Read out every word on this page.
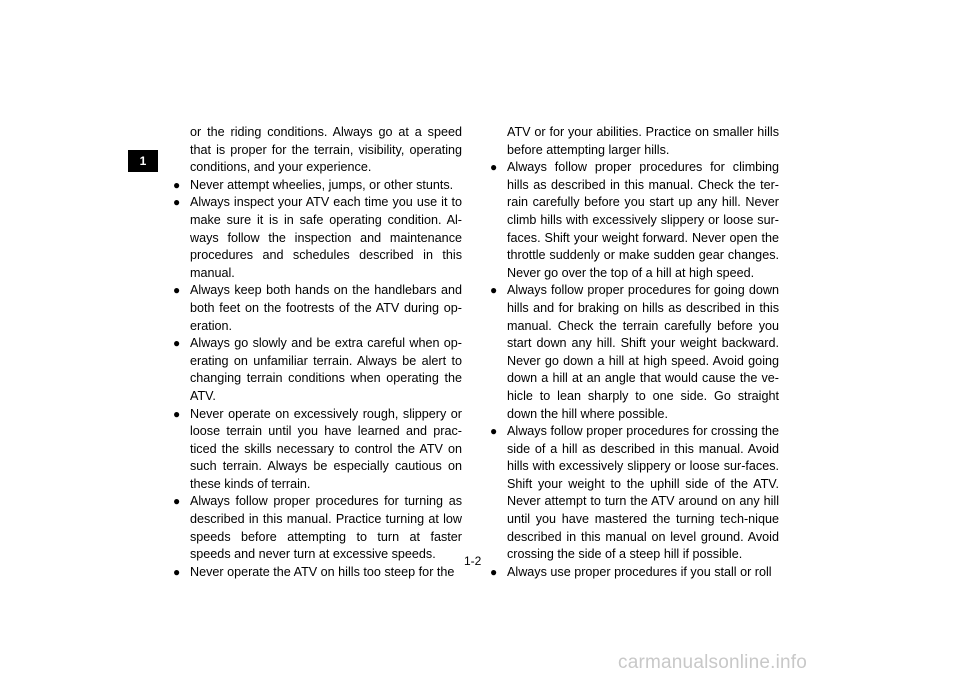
1

or the riding conditions. Always go at a speed that is proper for the terrain, visibility, operating conditions, and your experience.

● Never attempt wheelies, jumps, or other stunts.

● Always inspect your ATV each time you use it to make sure it is in safe operating condition. Al-ways follow the inspection and maintenance procedures and schedules described in this manual.

● Always keep both hands on the handlebars and both feet on the footrests of the ATV during op-eration.

● Always go slowly and be extra careful when op-erating on unfamiliar terrain. Always be alert to changing terrain conditions when operating the ATV.

● Never operate on excessively rough, slippery or loose terrain until you have learned and prac-ticed the skills necessary to control the ATV on such terrain. Always be especially cautious on these kinds of terrain.

● Always follow proper procedures for turning as described in this manual. Practice turning at low speeds before attempting to turn at faster speeds and never turn at excessive speeds.

● Never operate the ATV on hills too steep for the

ATV or for your abilities. Practice on smaller hills before attempting larger hills.

● Always follow proper procedures for climbing hills as described in this manual. Check the ter-rain carefully before you start up any hill. Never climb hills with excessively slippery or loose sur-faces. Shift your weight forward. Never open the throttle suddenly or make sudden gear changes. Never go over the top of a hill at high speed.

● Always follow proper procedures for going down hills and for braking on hills as described in this manual. Check the terrain carefully before you start down any hill. Shift your weight backward. Never go down a hill at high speed. Avoid going down a hill at an angle that would cause the ve-hicle to lean sharply to one side. Go straight down the hill where possible.

● Always follow proper procedures for crossing the side of a hill as described in this manual. Avoid hills with excessively slippery or loose sur-faces. Shift your weight to the uphill side of the ATV. Never attempt to turn the ATV around on any hill until you have mastered the turning tech-nique described in this manual on level ground. Avoid crossing the side of a steep hill if possible.

● Always use proper procedures if you stall or roll

1-2
carmanualsonline.info
